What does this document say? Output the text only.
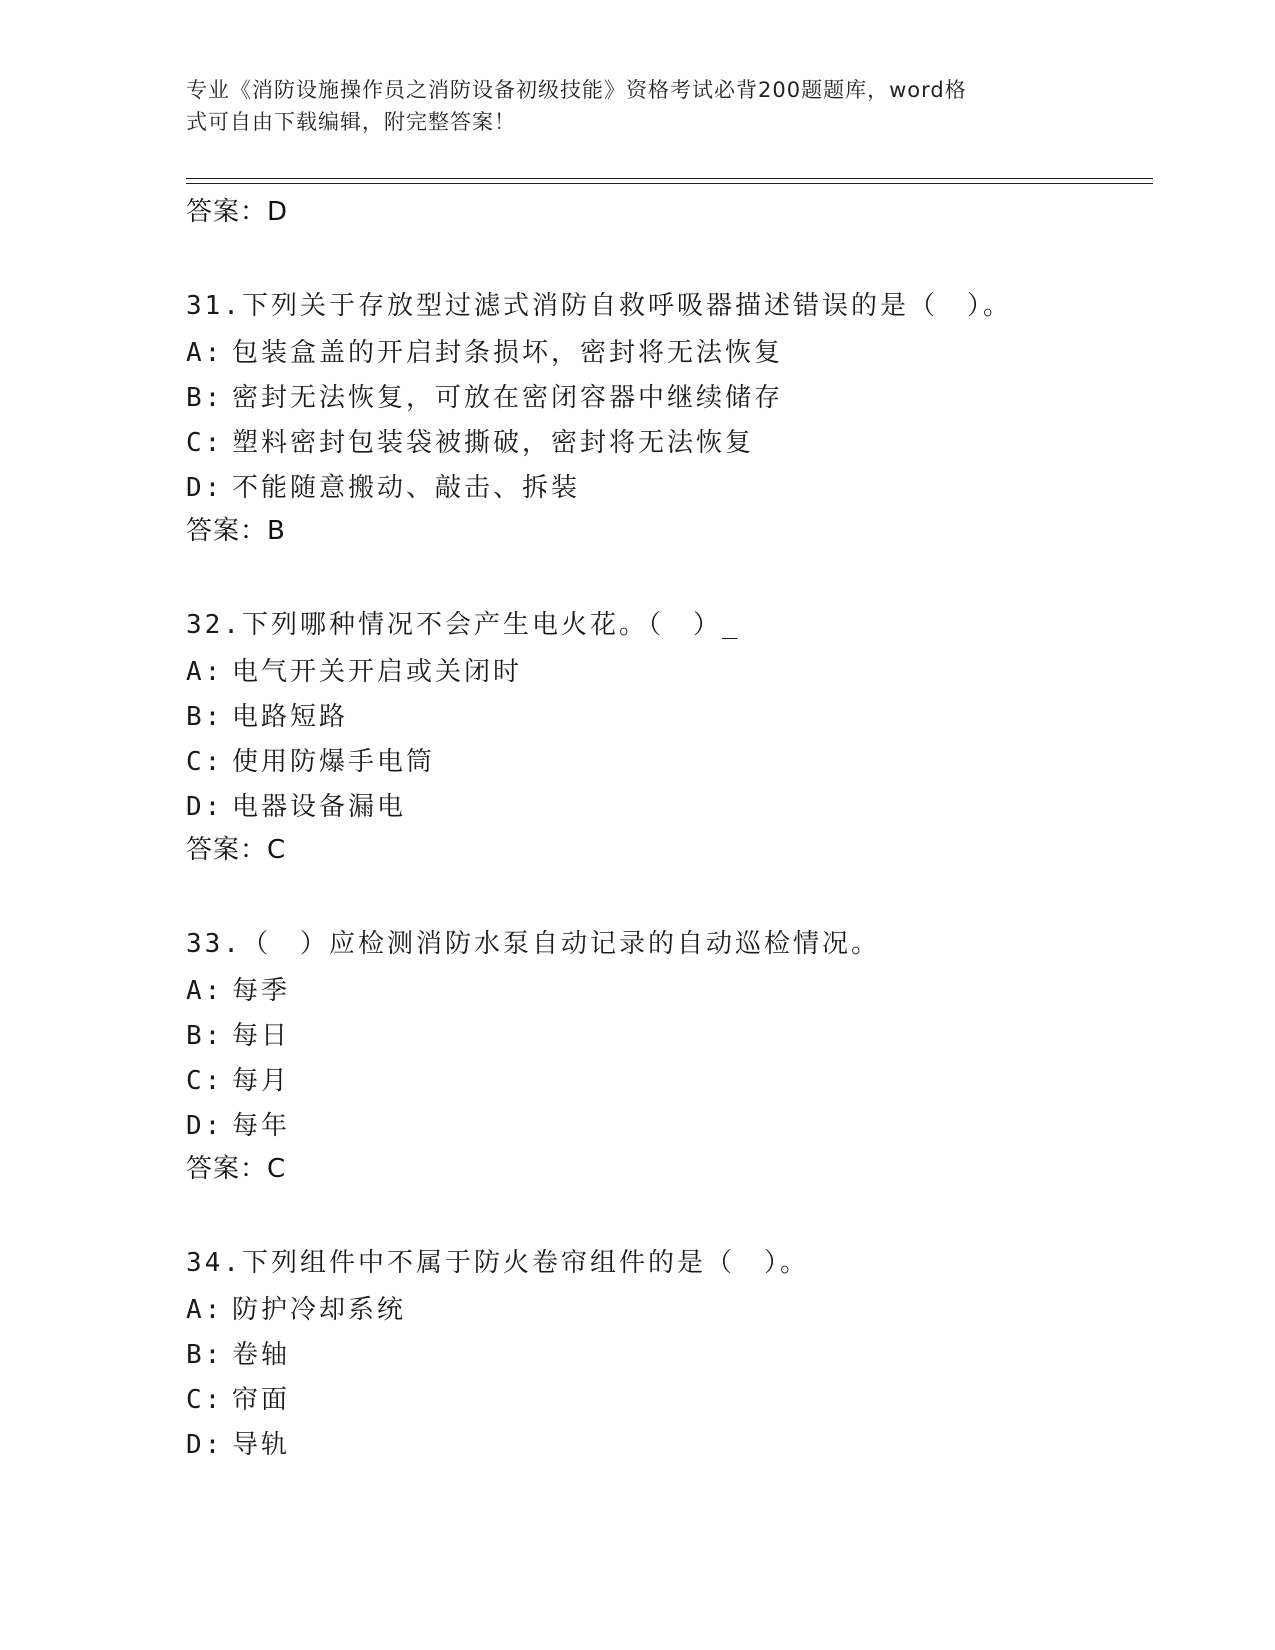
专业《消防设施操作员之消防设备初级技能》资格考试必背200题题库，word格
式可自由下载编辑，附完整答案！
答案：D
31.下列关于存放型过滤式消防自救呼吸器描述错误的是（　）。
A: 包装盒盖的开启封条损坏，密封将无法恢复
B: 密封无法恢复，可放在密闭容器中继续储存
C: 塑料密封包装袋被撕破，密封将无法恢复
D: 不能随意搬动、敲击、拆装
答案：B
32.下列哪种情况不会产生电火花。（　）_
A: 电气开关开启或关闭时
B: 电路短路
C: 使用防爆手电筒
D: 电器设备漏电
答案：C
33.（　）应检测消防水泵自动记录的自动巡检情况。
A: 每季
B: 每日
C: 每月
D: 每年
答案：C
34.下列组件中不属于防火卷帘组件的是（　）。
A: 防护冷却系统
B: 卷轴
C: 帘面
D: 导轨
